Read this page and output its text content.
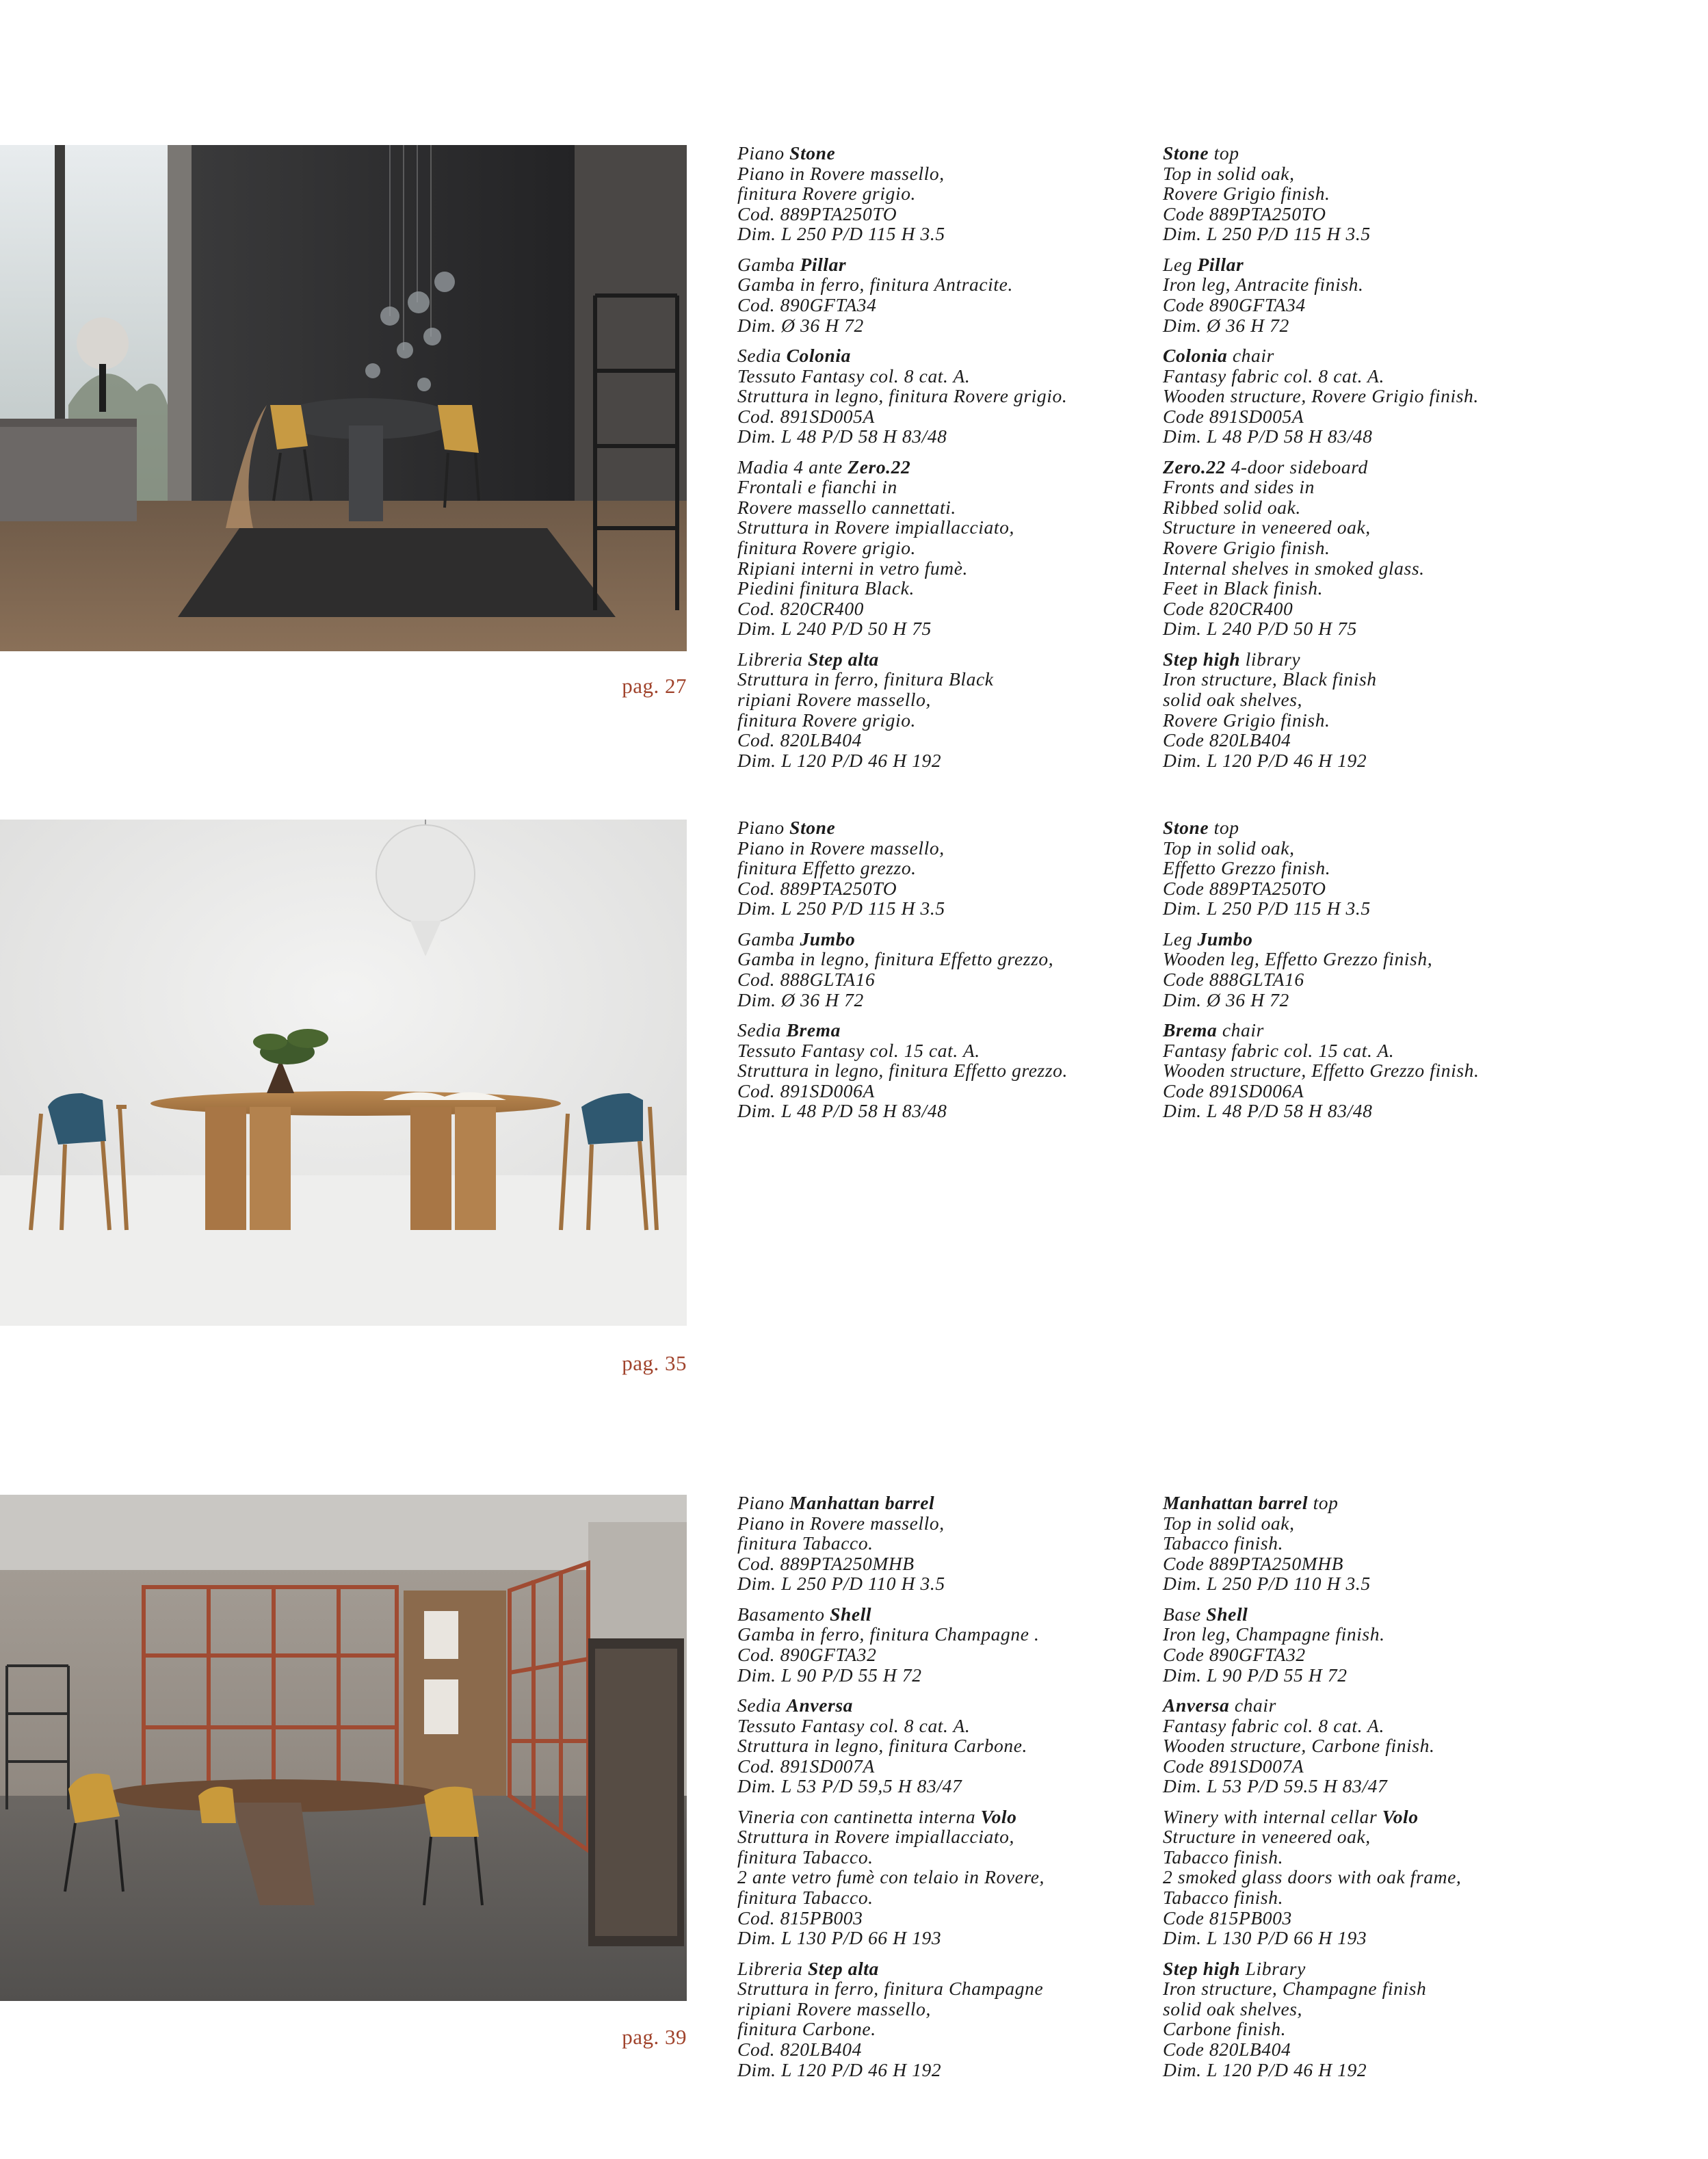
pag. 27
Piano Stone
Piano in Rovere massello,
finitura Rovere grigio.
Cod. 889PTA250TO
Dim. L 250 P/D 115 H 3.5
Gamba Pillar
Gamba in ferro, finitura Antracite.
Cod. 890GFTA34
Dim. Ø 36 H 72
Sedia Colonia
Tessuto Fantasy col. 8 cat. A.
Struttura in legno, finitura Rovere grigio.
Cod. 891SD005A
Dim. L 48 P/D 58 H 83/48
Madia 4 ante Zero.22
Frontali e fianchi in
Rovere massello cannettati.
Struttura in Rovere impiallacciato,
finitura Rovere grigio.
Ripiani interni in vetro fumè.
Piedini finitura Black.
Cod. 820CR400
Dim. L 240 P/D 50 H 75
Libreria Step alta
Struttura in ferro, finitura Black
ripiani Rovere massello,
finitura Rovere grigio.
Cod. 820LB404
Dim. L 120 P/D 46 H 192
Stone top
Top in solid oak,
Rovere Grigio finish.
Code 889PTA250TO
Dim. L 250 P/D 115 H 3.5
Leg Pillar
Iron leg, Antracite finish.
Code 890GFTA34
Dim. Ø 36 H 72
Colonia chair
Fantasy fabric col. 8 cat. A.
Wooden structure, Rovere Grigio finish.
Code 891SD005A
Dim. L 48 P/D 58 H 83/48
Zero.22 4-door sideboard
Fronts and sides in
Ribbed solid oak.
Structure in veneered oak,
Rovere Grigio finish.
Internal shelves in smoked glass.
Feet in Black finish.
Code 820CR400
Dim. L 240 P/D 50 H 75
Step high library
Iron structure, Black finish
solid oak shelves,
Rovere Grigio finish.
Code 820LB404
Dim. L 120 P/D 46 H 192
pag. 35
Piano Stone
Piano in Rovere massello,
finitura Effetto grezzo.
Cod. 889PTA250TO
Dim. L 250 P/D 115 H 3.5
Gamba Jumbo
Gamba in legno, finitura Effetto grezzo,
Cod. 888GLTA16
Dim. Ø 36 H 72
Sedia Brema
Tessuto Fantasy col. 15 cat. A.
Struttura in legno, finitura Effetto grezzo.
Cod. 891SD006A
Dim. L 48 P/D 58 H 83/48
Stone top
Top in solid oak,
Effetto Grezzo finish.
Code 889PTA250TO
Dim. L 250 P/D 115 H 3.5
Leg Jumbo
Wooden leg, Effetto Grezzo finish,
Code 888GLTA16
Dim. Ø 36 H 72
Brema chair
Fantasy fabric col. 15 cat. A.
Wooden structure, Effetto Grezzo finish.
Code 891SD006A
Dim. L 48 P/D 58 H 83/48
pag. 39
Piano Manhattan barrel
Piano in Rovere massello,
finitura Tabacco.
Cod. 889PTA250MHB
Dim. L 250 P/D 110 H 3.5
Basamento Shell
Gamba in ferro, finitura Champagne .
Cod. 890GFTA32
Dim. L 90 P/D 55 H 72
Sedia Anversa
Tessuto Fantasy col. 8 cat. A.
Struttura in legno, finitura Carbone.
Cod. 891SD007A
Dim. L 53 P/D 59,5 H 83/47
Vineria con cantinetta interna Volo
Struttura in Rovere impiallacciato,
finitura Tabacco.
2 ante vetro fumè con telaio in Rovere,
finitura Tabacco.
Cod. 815PB003
Dim. L 130 P/D 66 H 193
Libreria Step alta
Struttura in ferro, finitura Champagne
ripiani Rovere massello,
finitura Carbone.
Cod. 820LB404
Dim. L 120 P/D 46 H 192
Manhattan barrel top
Top in solid oak,
Tabacco finish.
Code 889PTA250MHB
Dim. L 250 P/D 110 H 3.5
Base Shell
Iron leg, Champagne finish.
Code 890GFTA32
Dim. L 90 P/D 55 H 72
Anversa chair
Fantasy fabric col. 8 cat. A.
Wooden structure, Carbone finish.
Code 891SD007A
Dim. L 53 P/D 59.5 H 83/47
Winery with internal cellar Volo
Structure in veneered oak,
Tabacco finish.
2 smoked glass doors with oak frame,
Tabacco finish.
Code 815PB003
Dim. L 130 P/D 66 H 193
Step high Library
Iron structure, Champagne finish
solid oak shelves,
Carbone finish.
Code 820LB404
Dim. L 120 P/D 46 H 192
